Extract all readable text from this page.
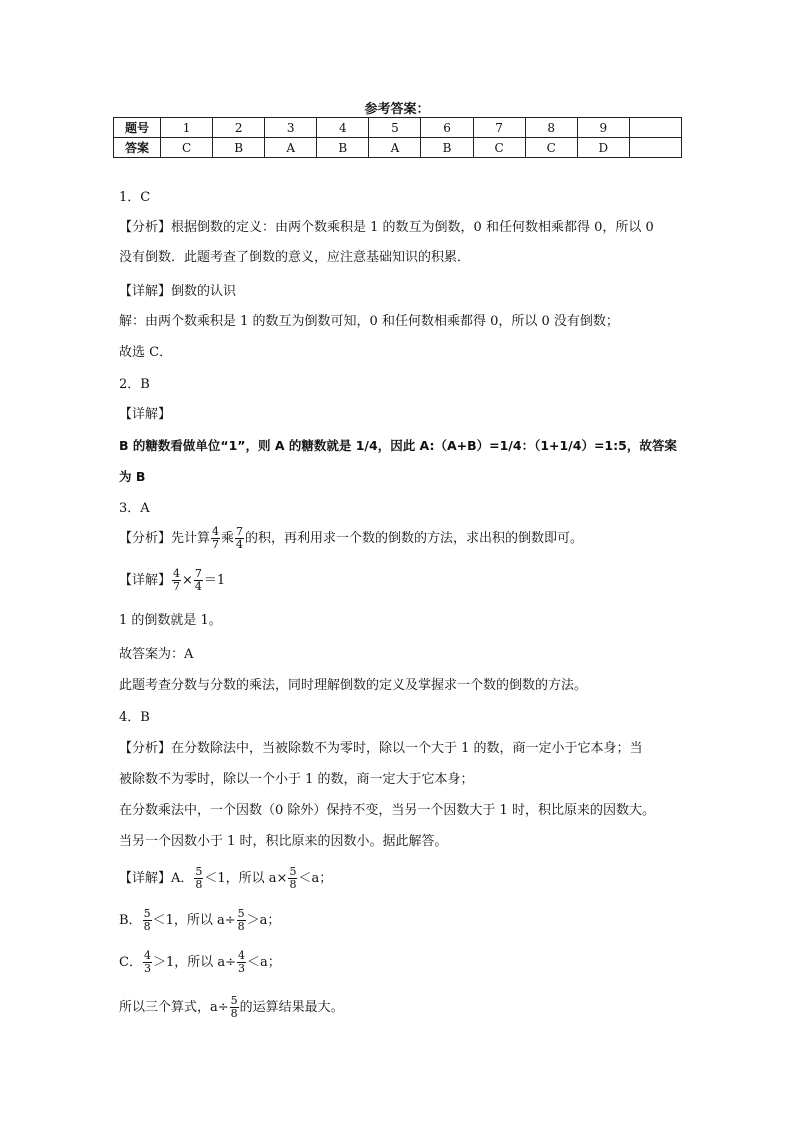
参考答案：
题号	1	2	3	4	5	6	7	8	9	
答案	C	B	A	B	A	B	C	C	D	
1．C
【分析】根据倒数的定义：由两个数乘积是 1 的数互为倒数，0 和任何数相乘都得 0，所以 0
没有倒数．此题考查了倒数的意义，应注意基础知识的积累．
【详解】倒数的认识
解：由两个数乘积是 1 的数互为倒数可知，0 和任何数相乘都得 0，所以 0 没有倒数；
故选 C．
2．B
【详解】
B 的糖数看做单位“1”，则 A 的糖数就是 1/4，因此 A:（A+B）=1/4：（1+1/4）=1:5，故答案
为 B
3．A
【分析】先计算 $\frac{4}{7}$ 乘 $\frac{7}{4}$ 的积，再利用求一个数的倒数的方法，求出积的倒数即可。
【详解】 $\frac{4}{7} \times \frac{7}{4} =1$
1 的倒数就是 1。
故答案为：A
此题考查分数与分数的乘法，同时理解倒数的定义及掌握求一个数的倒数的方法。
4．B
【分析】在分数除法中，当被除数不为零时，除以一个大于 1 的数，商一定小于它本身；当
被除数不为零时，除以一个小于 1 的数，商一定大于它本身；
在分数乘法中，一个因数（0 除外）保持不变，当另一个因数大于 1 时，积比原来的因数大。
当另一个因数小于 1 时，积比原来的因数小。据此解答。
【详解】A． $\frac{5}{8} <1$，所以 $a\times \frac{5}{8} <a$；
B． $\frac{5}{8} <1$，所以 $a\div \frac{5}{8} >a$；
C． $\frac{4}{3} >1$，所以 $a\div \frac{4}{3} <a$；
所以三个算式，$a\div \frac{5}{8}$ 的运算结果最大。
